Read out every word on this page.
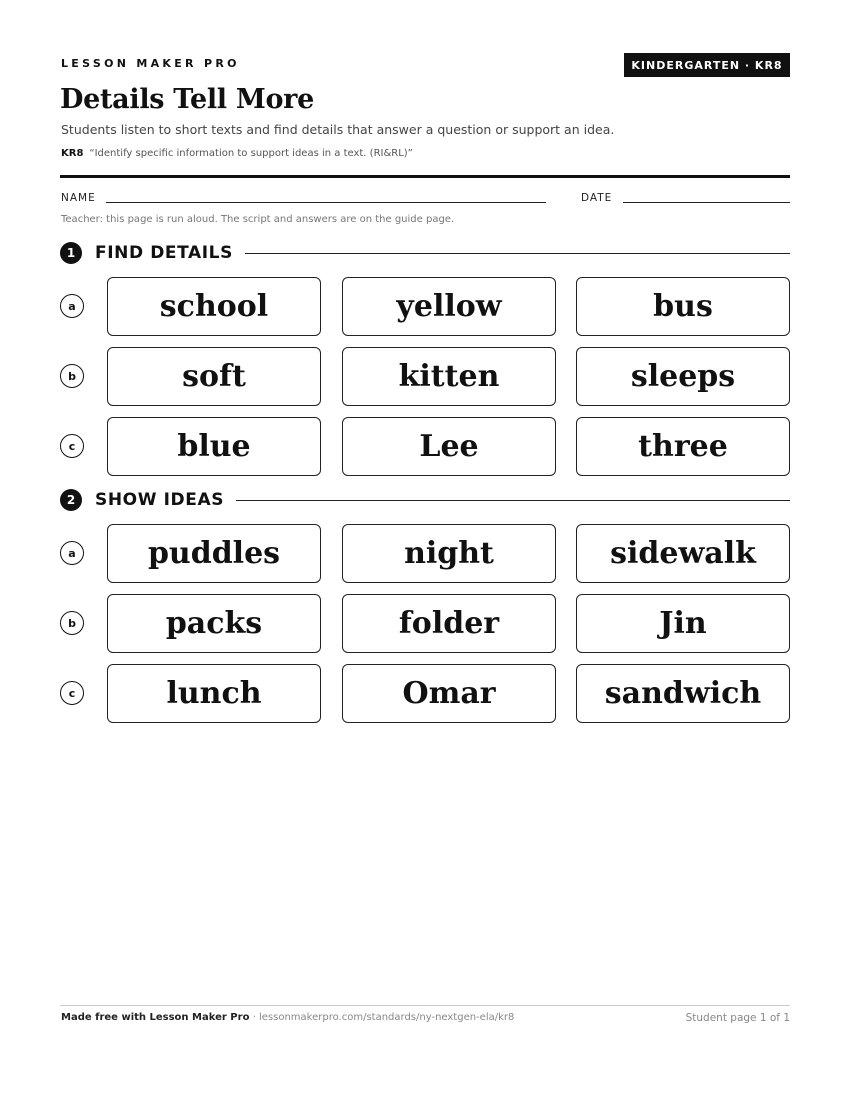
LESSON MAKER PRO	KINDERGARTEN · KR8
Details Tell More
Students listen to short texts and find details that answer a question or support an idea.
KR8 “Identify specific information to support ideas in a text. (RI&RL)”
NAME	DATE
Teacher: this page is run aloud. The script and answers are on the guide page.
1	FIND DETAILS
a	school	yellow	bus
b	soft	kitten	sleeps
c	blue	Lee	three
2	SHOW IDEAS
a	puddles	night	sidewalk
b	packs	folder	Jin
c	lunch	Omar	sandwich
Made free with Lesson Maker Pro · lessonmakerpro.com/standards/ny-nextgen-ela/kr8	Student page 1 of 1
